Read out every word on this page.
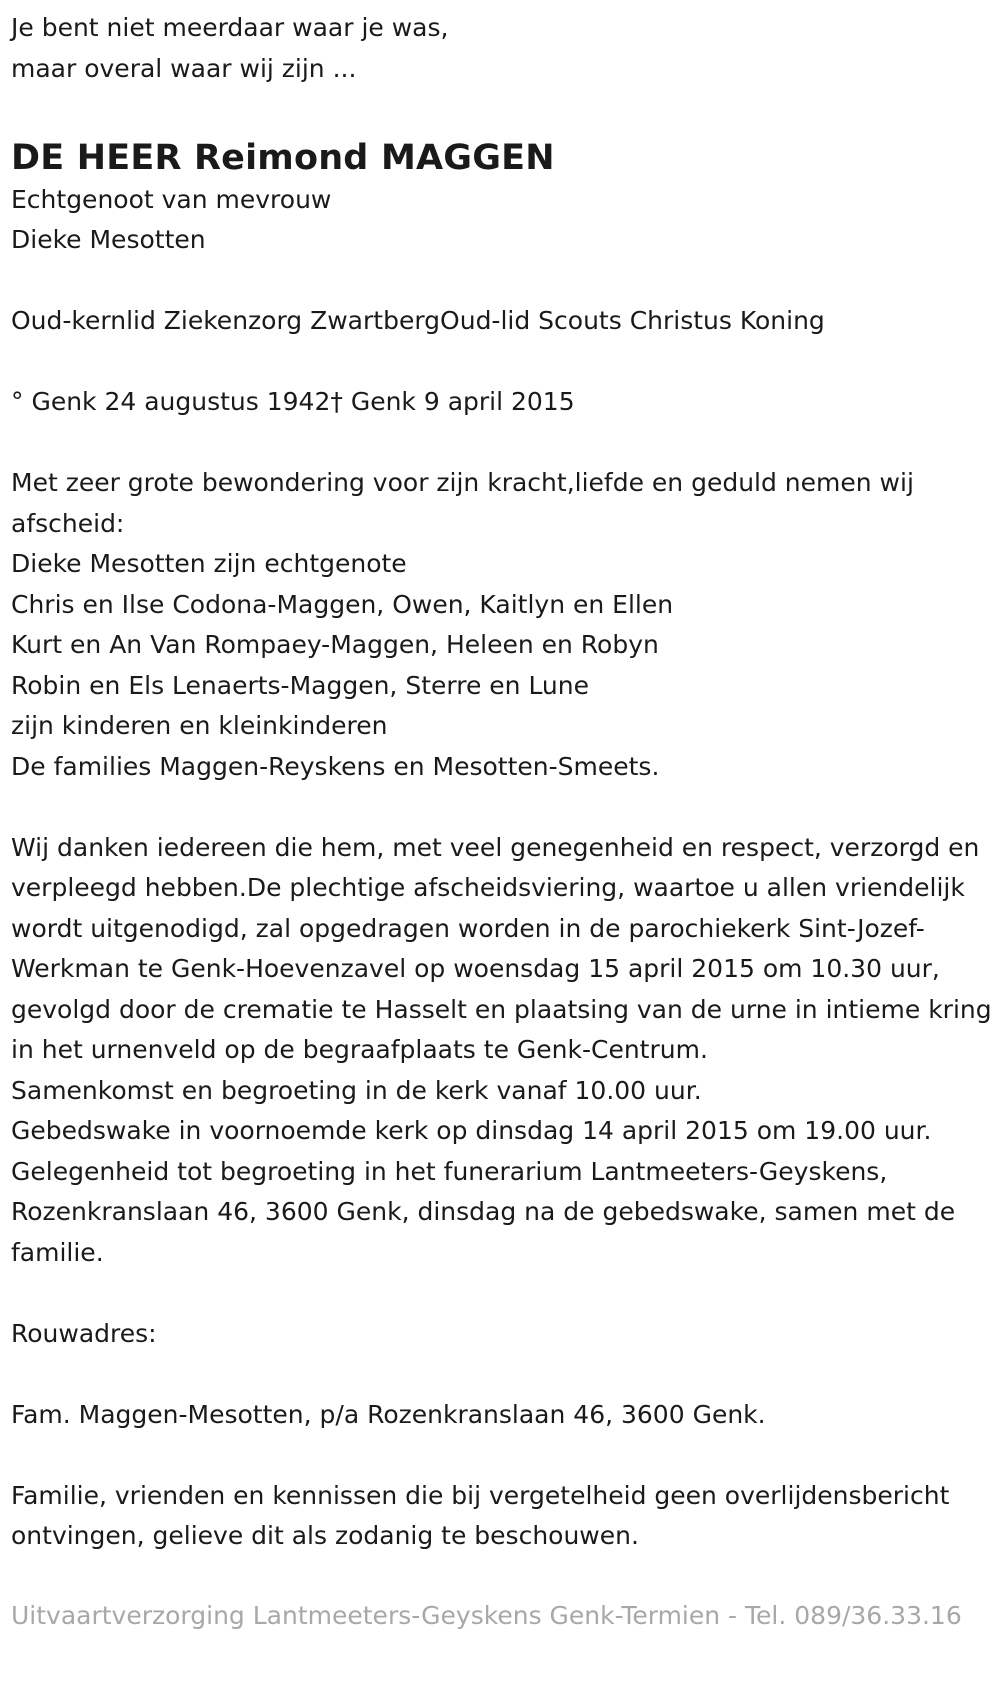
Je bent niet meerdaar waar je was,

maar overal waar wij zijn ...

DE HEER Reimond MAGGEN

Echtgenoot van mevrouw

Dieke Mesotten

Oud-kernlid Ziekenzorg ZwartbergOud-lid Scouts Christus Koning

° Genk 24 augustus 1942† Genk 9 april 2015

Met zeer grote bewondering voor zijn kracht,liefde en geduld nemen wij afscheid:

Dieke Mesotten zijn echtgenote

Chris en Ilse Codona-Maggen, Owen, Kaitlyn en Ellen

Kurt en An Van Rompaey-Maggen, Heleen en Robyn

Robin en Els Lenaerts-Maggen, Sterre en Lune

zijn kinderen en kleinkinderen

De families Maggen-Reyskens en Mesotten-Smeets.

Wij danken iedereen die hem, met veel genegenheid en respect, verzorgd en verpleegd hebben.De plechtige afscheidsviering, waartoe u allen vriendelijk wordt uitgenodigd, zal opgedragen worden in de parochiekerk Sint-Jozef-Werkman te Genk-Hoevenzavel op woensdag 15 april 2015 om 10.30 uur, gevolgd door de crematie te Hasselt en plaatsing van de urne in intieme kring in het urnenveld op de begraafplaats te Genk-Centrum.

Samenkomst en begroeting in de kerk vanaf 10.00 uur.

Gebedswake in voornoemde kerk op dinsdag 14 april 2015 om 19.00 uur.

Gelegenheid tot begroeting in het funerarium Lantmeeters-Geyskens, Rozenkranslaan 46, 3600 Genk, dinsdag na de gebedswake, samen met de familie.

Rouwadres:

Fam. Maggen-Mesotten, p/a Rozenkranslaan 46, 3600 Genk.

Familie, vrienden en kennissen die bij vergetelheid geen overlijdensbericht ontvingen, gelieve dit als zodanig te beschouwen.

Uitvaartverzorging Lantmeeters-Geyskens Genk-Termien - Tel. 089/36.33.16
